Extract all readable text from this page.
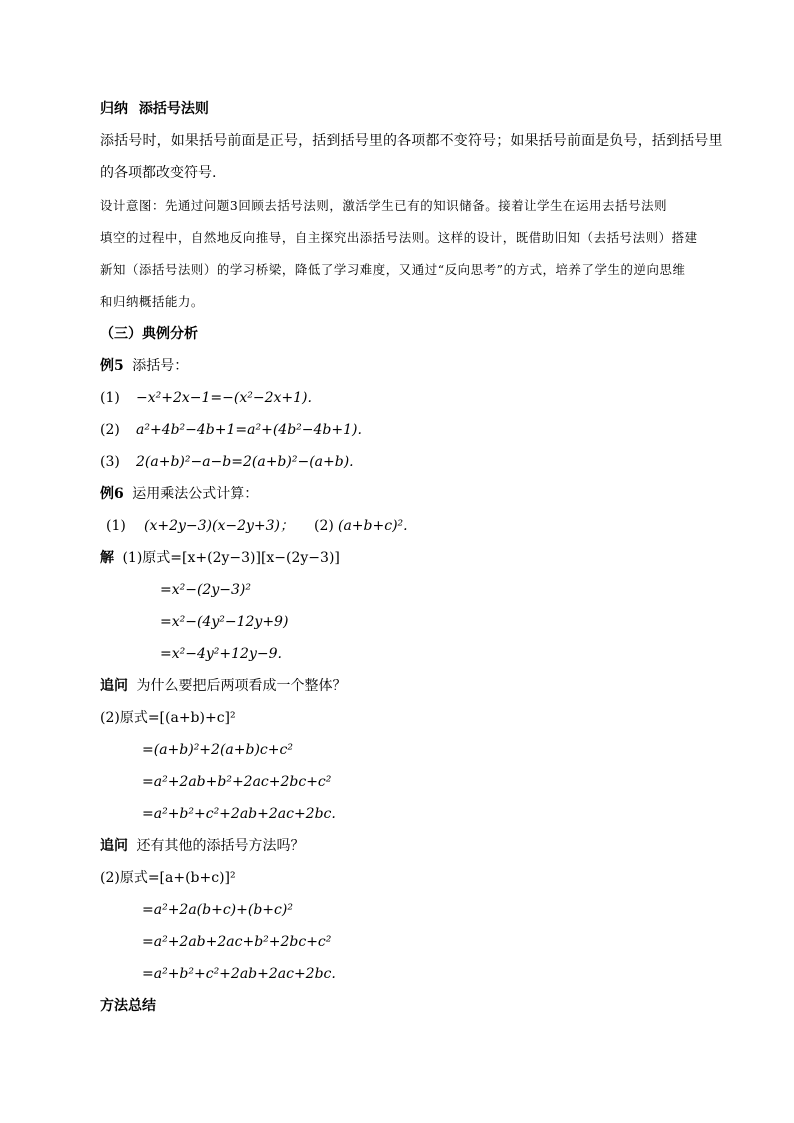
归纳 添括号法则
添括号时，如果括号前面是正号，括到括号里的各项都不变符号；如果括号前面是负号，括到括号里
的各项都改变符号.
设计意图：先通过问题3回顾去括号法则，激活学生已有的知识储备。接着让学生在运用去括号法则
填空的过程中，自然地反向推导，自主探究出添括号法则。这样的设计，既借助旧知（去括号法则）搭建
新知（添括号法则）的学习桥梁，降低了学习难度，又通过“反向思考”的方式，培养了学生的逆向思维
和归纳概括能力。
（三）典例分析
例5 添括号：
(1) −x²+2x−1=−(x²−2x+1).
(2) a²+4b²−4b+1=a²+(4b²−4b+1).
(3) 2(a+b)²−a−b=2(a+b)²−(a+b).
例6 运用乘法公式计算：
(1) (x+2y−3)(x−2y+3)； (2) (a+b+c)².
解 (1)原式=[x+(2y−3)][x−(2y−3)]
=x²−(2y−3)²
=x²−(4y²−12y+9)
=x²−4y²+12y−9.
追问 为什么要把后两项看成一个整体？
(2)原式=[(a+b)+c]²
=(a+b)²+2(a+b)c+c²
=a²+2ab+b²+2ac+2bc+c²
=a²+b²+c²+2ab+2ac+2bc.
追问 还有其他的添括号方法吗？
(2)原式=[a+(b+c)]²
=a²+2a(b+c)+(b+c)²
=a²+2ab+2ac+b²+2bc+c²
=a²+b²+c²+2ab+2ac+2bc.
方法总结
